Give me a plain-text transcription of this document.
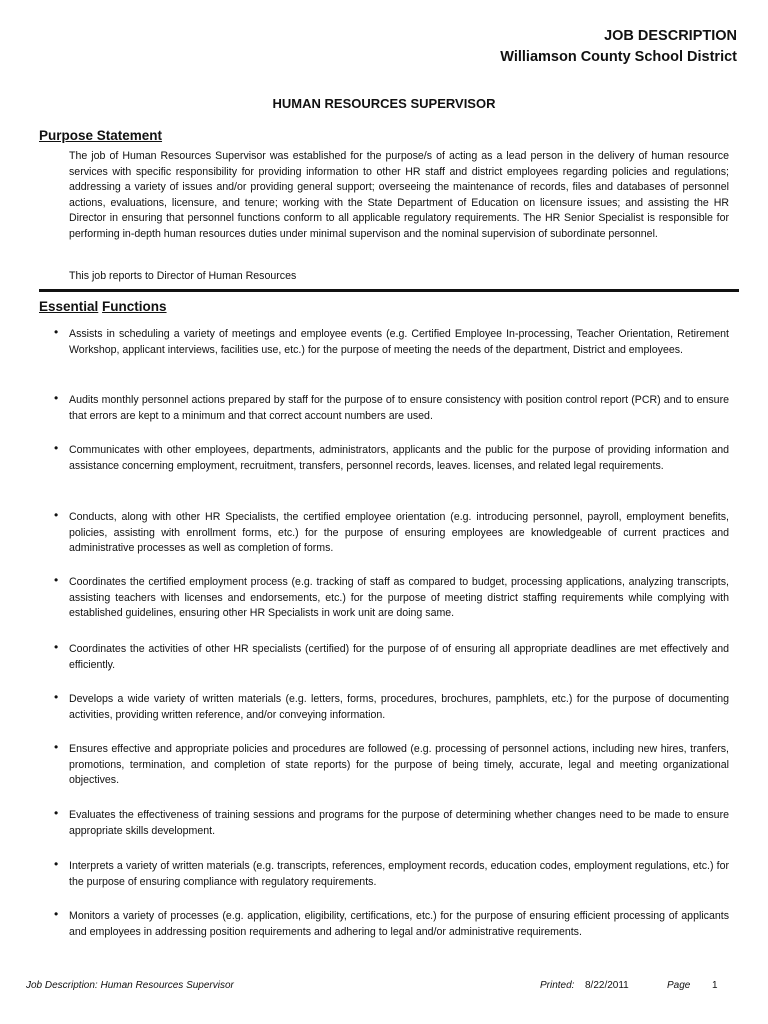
JOB DESCRIPTION
Williamson County School District
HUMAN RESOURCES SUPERVISOR
Purpose Statement
The job of Human Resources Supervisor was established for the purpose/s of acting as a lead person in the delivery of human resource services with specific responsibility for providing information to other HR staff and district employees regarding policies and regulations; addressing a variety of issues and/or providing general support; overseeing the maintenance of records, files and databases of personnel actions, evaluations, licensure, and tenure; working with the State Department of Education on licensure issues; and assisting the HR Director in ensuring that personnel functions conform to all applicable regulatory requirements. The HR Senior Specialist is responsible for performing in-depth human resources duties under minimal supervison and the nominal supervision of subordinate personnel.
This job reports to Director of Human Resources
Essential Functions
• Assists in scheduling a variety of meetings and employee events (e.g. Certified Employee In-processing, Teacher Orientation, Retirement Workshop, applicant interviews, facilities use, etc.) for the purpose of meeting the needs of the department, District and employees.
• Audits monthly personnel actions prepared by staff for the purpose of to ensure consistency with position control report (PCR) and to ensure that errors are kept to a minimum and that correct account numbers are used.
• Communicates with other employees, departments, administrators, applicants and the public for the purpose of providing information and assistance concerning employment, recruitment, transfers, personnel records, leaves. licenses, and related legal requirements.
• Conducts, along with other HR Specialists, the certified employee orientation (e.g. introducing personnel, payroll, employment benefits, policies, assisting with enrollment forms, etc.) for the purpose of ensuring employees are knowledgeable of current practices and administrative processes as well as completion of forms.
• Coordinates the certified employment process (e.g. tracking of staff as compared to budget, processing applications, analyzing transcripts, assisting teachers with licenses and endorsements, etc.) for the purpose of meeting district staffing requirements while complying with established guidelines, ensuring other HR Specialists in work unit are doing same.
• Coordinates the activities of other HR specialists (certified) for the purpose of of ensuring all appropriate deadlines are met effectively and efficiently.
• Develops a wide variety of written materials (e.g. letters, forms, procedures, brochures, pamphlets, etc.) for the purpose of documenting activities, providing written reference, and/or conveying information.
• Ensures effective and appropriate policies and procedures are followed (e.g. processing of personnel actions, including new hires, tranfers, promotions, termination, and completion of state reports) for the purpose of being timely, accurate, legal and meeting organizational objectives.
• Evaluates the effectiveness of training sessions and programs for the purpose of determining whether changes need to be made to ensure appropriate skills development.
• Interprets a variety of written materials (e.g. transcripts, references, employment records, education codes, employment regulations, etc.) for the purpose of ensuring compliance with regulatory requirements.
• Monitors a variety of processes (e.g. application, eligibility, certifications, etc.) for the purpose of ensuring efficient processing of applicants and employees in addressing position requirements and adhering to legal and/or administrative requirements.
Job Description: Human Resources Supervisor	Printed: 8/22/2011	Page 1
